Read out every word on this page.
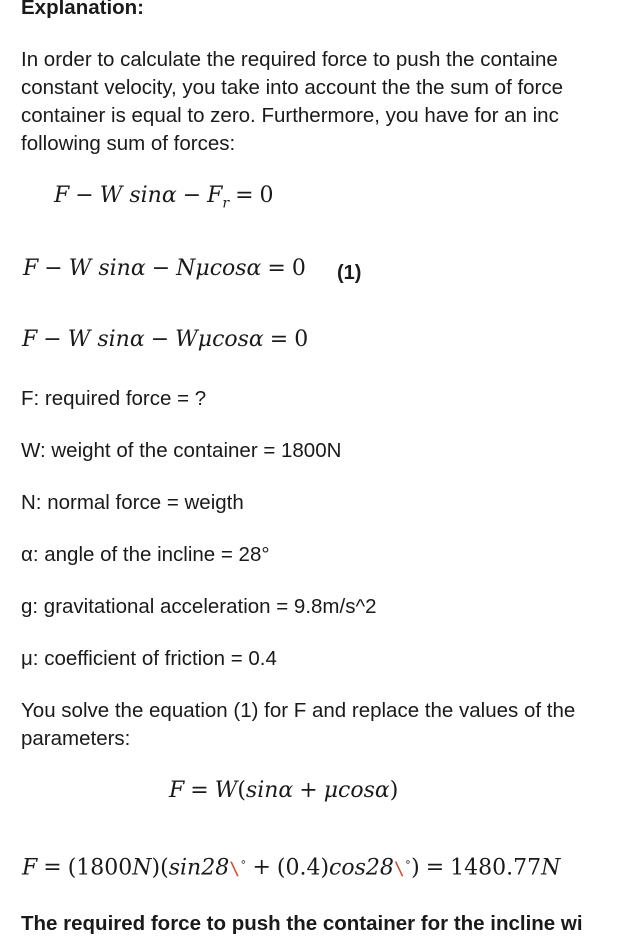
Explanation:
In order to calculate the required force to push the containe
constant velocity, you take into account the the sum of force
container is equal to zero. Furthermore, you have for an inc
following sum of forces:
F − W $\sin\alpha - F_r = 0$
F − W sinα − Nμcosα = 0 (1)
F − W sinα − Wμcosα = 0
F: required force = ?
W: weight of the container = 1800N
N: normal force = weigth
α: angle of the incline = 28°
g: gravitational acceleration = 9.8m/s^2
μ: coefficient of friction = 0.4
You solve the equation (1) for F and replace the values of the
parameters:
F = W(sinα + μcosα)
F = (1800N)(sin28\∘ + (0.4)cos28\∘) = 1480.77N
The required force to push the container for the incline wi
